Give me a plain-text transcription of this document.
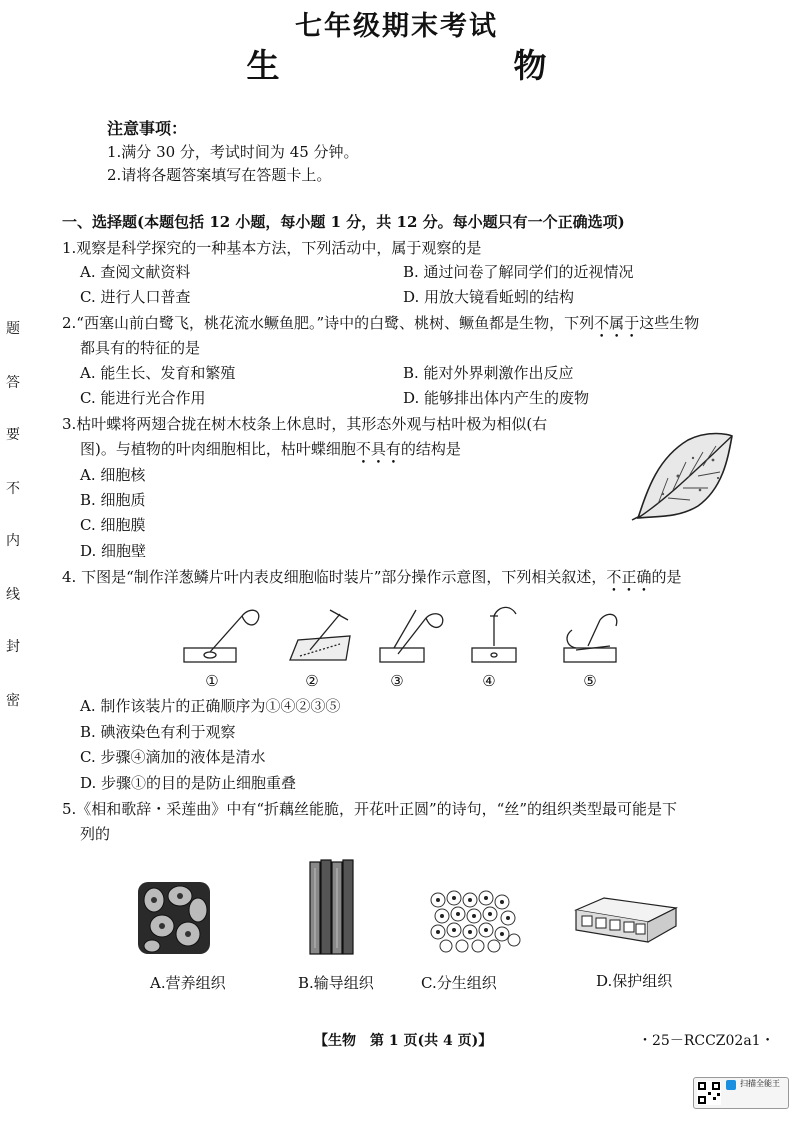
七年级期末考试
生　　物
注意事项：
1.满分 30 分，考试时间为 45 分钟。
2.请将各题答案填写在答题卡上。
题
答
要
不
内
线
封
密
一、选择题(本题包括 12 小题，每小题 1 分，共 12 分。每小题只有一个正确选项)
1.观察是科学探究的一种基本方法，下列活动中，属于观察的是
A. 查阅文献资料	B. 通过问卷了解同学们的近视情况
C. 进行人口普查	D. 用放大镜看蚯蚓的结构
2.“西塞山前白鹭飞，桃花流水鳜鱼肥。”诗中的白鹭、桃树、鳜鱼都是生物，下列不属于这些生物
都具有的特征的是
A. 能生长、发育和繁殖	B. 能对外界刺激作出反应
C. 能进行光合作用	D. 能够排出体内产生的废物
3.枯叶蝶将两翅合拢在树木枝条上休息时，其形态外观与枯叶极为相似(右
图)。与植物的叶肉细胞相比，枯叶蝶细胞不具有的结构是
A. 细胞核
B. 细胞质
C. 细胞膜
D. 细胞壁
4. 下图是“制作洋葱鳞片叶内表皮细胞临时装片”部分操作示意图，下列相关叙述，不正确的是
①	②	③	④	⑤
A. 制作该装片的正确顺序为①④②③⑤
B. 碘液染色有利于观察
C. 步骤④滴加的液体是清水
D. 步骤①的目的是防止细胞重叠
5.《相和歌辞・采莲曲》中有“折藕丝能脆，开花叶正圆”的诗句，“丝”的组织类型最可能是下
列的
A.营养组织	B.输导组织	C.分生组织	D.保护组织
【生物　第 1 页(共 4 页)】	・25－RCCZ02a1・
扫描全能王
